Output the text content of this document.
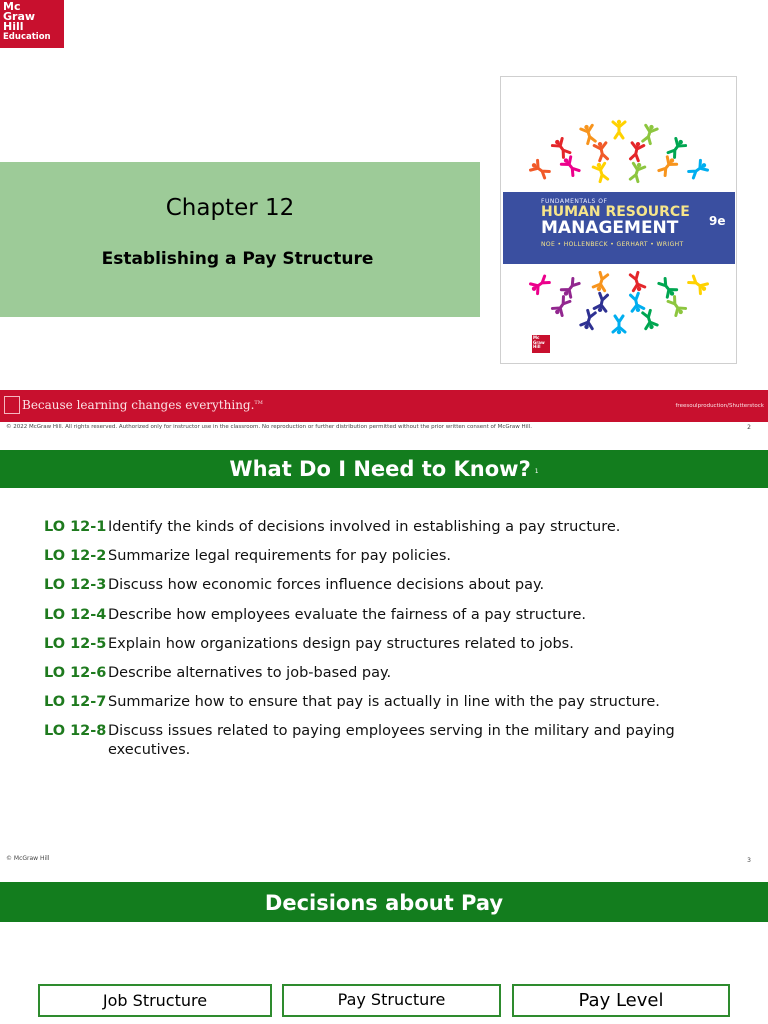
Mc
Graw
Hill
Education
Chapter 12
Establishing a Pay Structure
FUNDAMENTALS OF
HUMAN RESOURCE
MANAGEMENT	9e
NOE • HOLLENBECK • GERHART • WRIGHT
Mc Graw Hill
Because learning changes everything.™	freesoulproduction/Shutterstock
© 2022 McGraw Hill. All rights reserved. Authorized only for instructor use in the classroom. No reproduction or further distribution permitted without the prior written consent of McGraw Hill.	2
What Do I Need to Know? 1
LO 12-1 Identify the kinds of decisions involved in establishing a pay structure.
LO 12-2 Summarize legal requirements for pay policies.
LO 12-3 Discuss how economic forces influence decisions about pay.
LO 12-4 Describe how employees evaluate the fairness of a pay structure.
LO 12-5 Explain how organizations design pay structures related to jobs.
LO 12-6 Describe alternatives to job-based pay.
LO 12-7 Summarize how to ensure that pay is actually in line with the pay structure.
LO 12-8 Discuss issues related to paying employees serving in the military and paying executives.
© McGraw Hill	3
Decisions about Pay
Job Structure	Pay Structure	Pay Level
